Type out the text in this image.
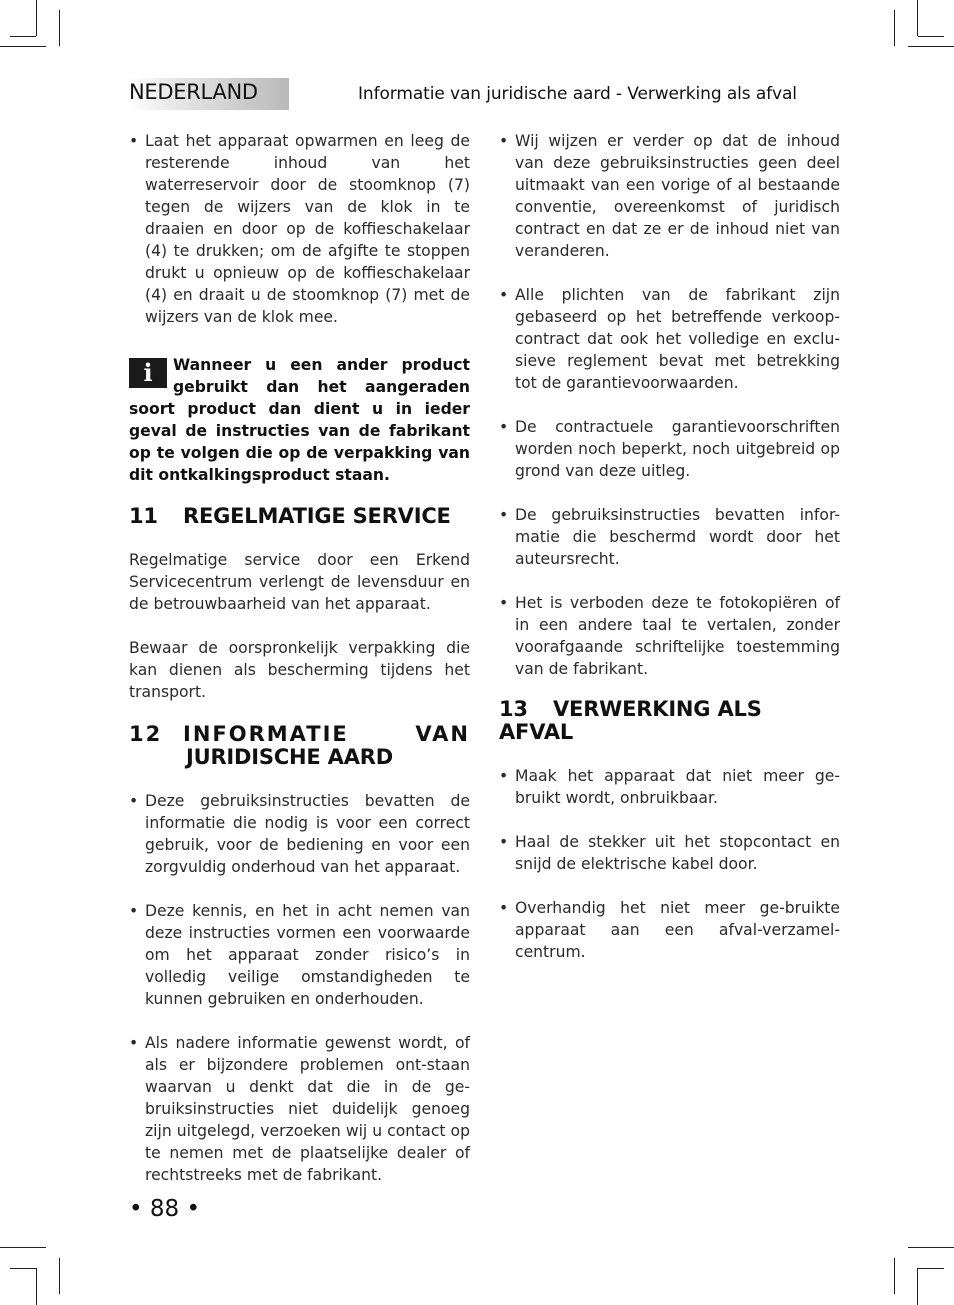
NEDERLAND	Informatie van juridische aard - Verwerking als afval

• Laat het apparaat opwarmen en leeg de resterende inhoud van het waterreservoir door de stoomknop (7) tegen de wijzers van de klok in te draaien en door op de koffieschakelaar (4) te drukken; om de afgifte te stoppen drukt u opnieuw op de koffieschakelaar (4) en draait u de stoomknop (7) met de wijzers van de klok mee.

i	Wanneer u een ander product gebruikt dan het aangeraden soort product dan dient u in ieder geval de instructies van de fabrikant op te volgen die op de verpakking van dit ontkalkingsproduct staan.

11 REGELMATIGE SERVICE

Regelmatige service door een Erkend Servicecentrum verlengt de levensduur en de betrouwbaarheid van het apparaat.

Bewaar de oorspronkelijk verpakking die kan dienen als bescherming tijdens het transport.

12 INFORMATIE	VAN
JURIDISCHE AARD

• Deze gebruiksinstructies bevatten de informatie die nodig is voor een correct gebruik, voor de bediening en voor een zorgvuldig onderhoud van het apparaat.

• Deze kennis, en het in acht nemen van deze instructies vormen een voorwaarde om het apparaat zonder risico’s in volledig veilige omstandigheden te kunnen gebruiken en onderhouden.

• Als nadere informatie gewenst wordt, of als er bijzondere problemen ont-staan waarvan u denkt dat die in de ge-bruiksinstructies niet duidelijk genoeg zijn uitgelegd, verzoeken wij u contact op te nemen met de plaatselijke dealer of rechtstreeks met de fabrikant.

• Wij wijzen er verder op dat de inhoud van deze gebruiksinstructies geen deel uitmaakt van een vorige of al bestaande conventie, overeenkomst of juridisch contract en dat ze er de inhoud niet van veranderen.

• Alle plichten van de fabrikant zijn gebaseerd op het betreffende verkoop-contract dat ook het volledige en exclu-sieve reglement bevat met betrekking tot de garantievoorwaarden.

• De contractuele garantievoorschriften worden noch beperkt, noch uitgebreid op grond van deze uitleg.

• De gebruiksinstructies bevatten infor-matie die beschermd wordt door het auteursrecht.

• Het is verboden deze te fotokopiëren of in een andere taal te vertalen, zonder voorafgaande schriftelijke toestemming van de fabrikant.

13 VERWERKING ALS AFVAL

• Maak het apparaat dat niet meer ge-bruikt wordt, onbruikbaar.

• Haal de stekker uit het stopcontact en snijd de elektrische kabel door.

• Overhandig het niet meer ge-bruikte apparaat aan een afval-verzamel-centrum.

• 88 •
